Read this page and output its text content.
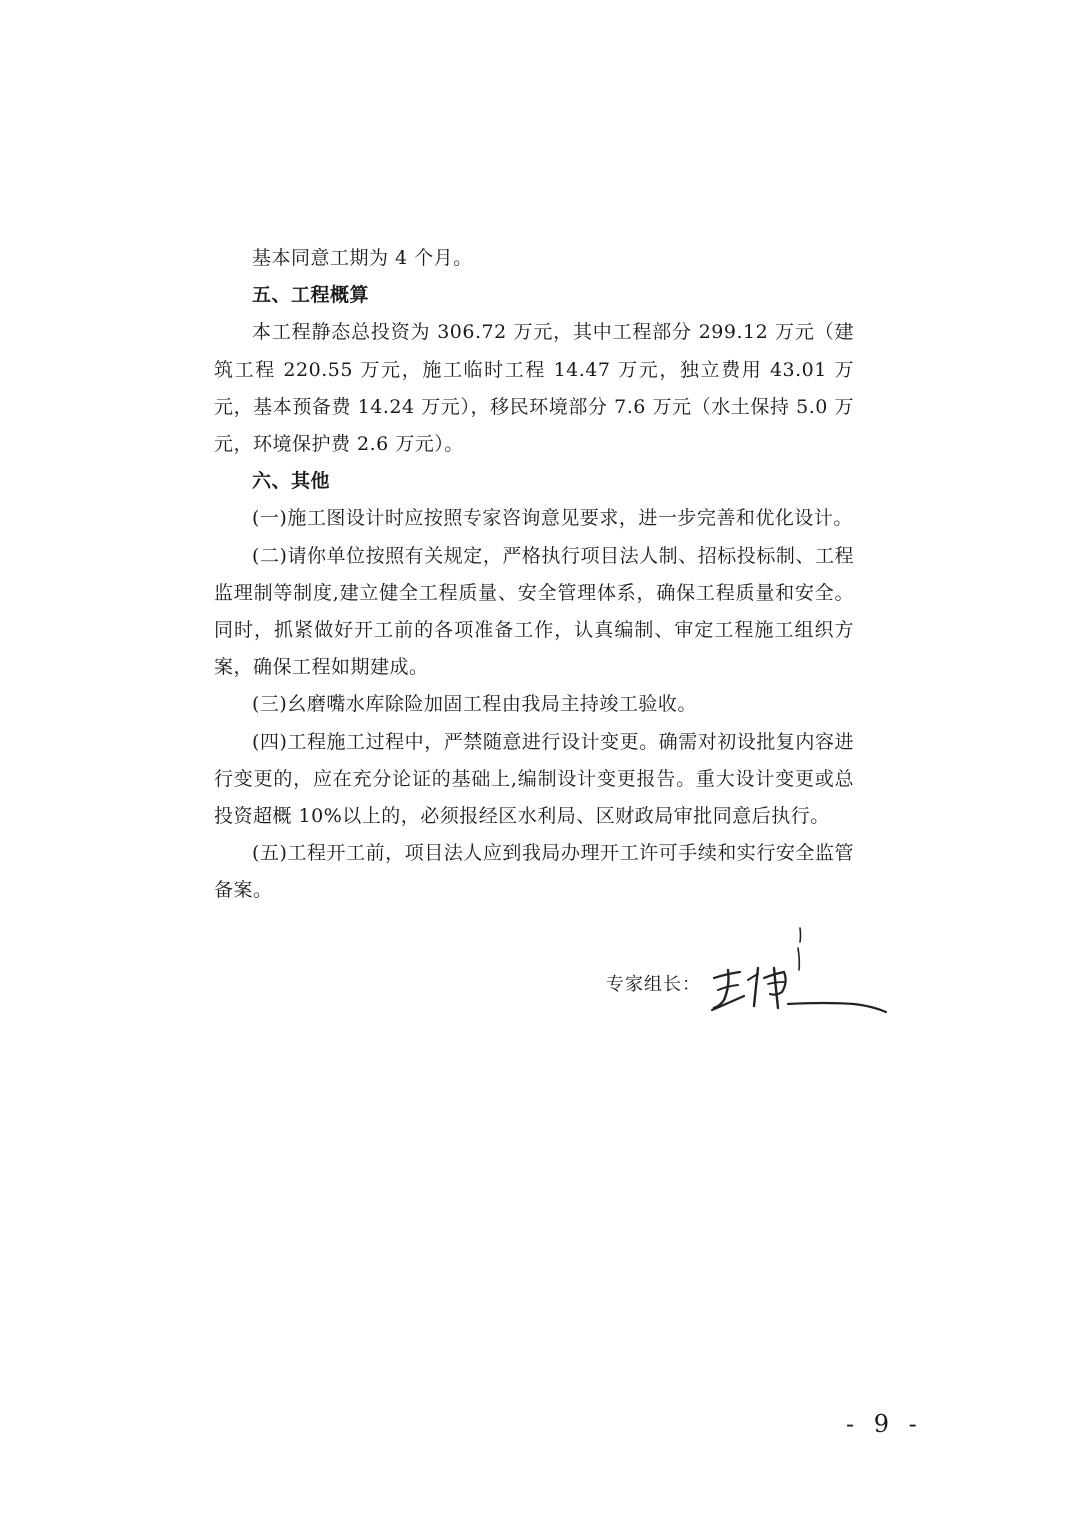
基本同意工期为 4 个月。

五、工程概算

本工程静态总投资为 306.72 万元，其中工程部分 299.12 万元（建筑工程 220.55 万元，施工临时工程 14.47 万元，独立费用 43.01 万元，基本预备费 14.24 万元），移民环境部分 7.6 万元（水土保持 5.0 万元，环境保护费 2.6 万元）。

六、其他

(一)施工图设计时应按照专家咨询意见要求，进一步完善和优化设计。

(二)请你单位按照有关规定，严格执行项目法人制、招标投标制、工程监理制等制度,建立健全工程质量、安全管理体系，确保工程质量和安全。同时，抓紧做好开工前的各项准备工作，认真编制、审定工程施工组织方案，确保工程如期建成。

(三)幺磨嘴水库除险加固工程由我局主持竣工验收。

(四)工程施工过程中，严禁随意进行设计变更。确需对初设批复内容进行变更的，应在充分论证的基础上,编制设计变更报告。重大设计变更或总投资超概 10%以上的，必须报经区水利局、区财政局审批同意后执行。

(五)工程开工前，项目法人应到我局办理开工许可手续和实行安全监管备案。

专家组长：
- 9 -
